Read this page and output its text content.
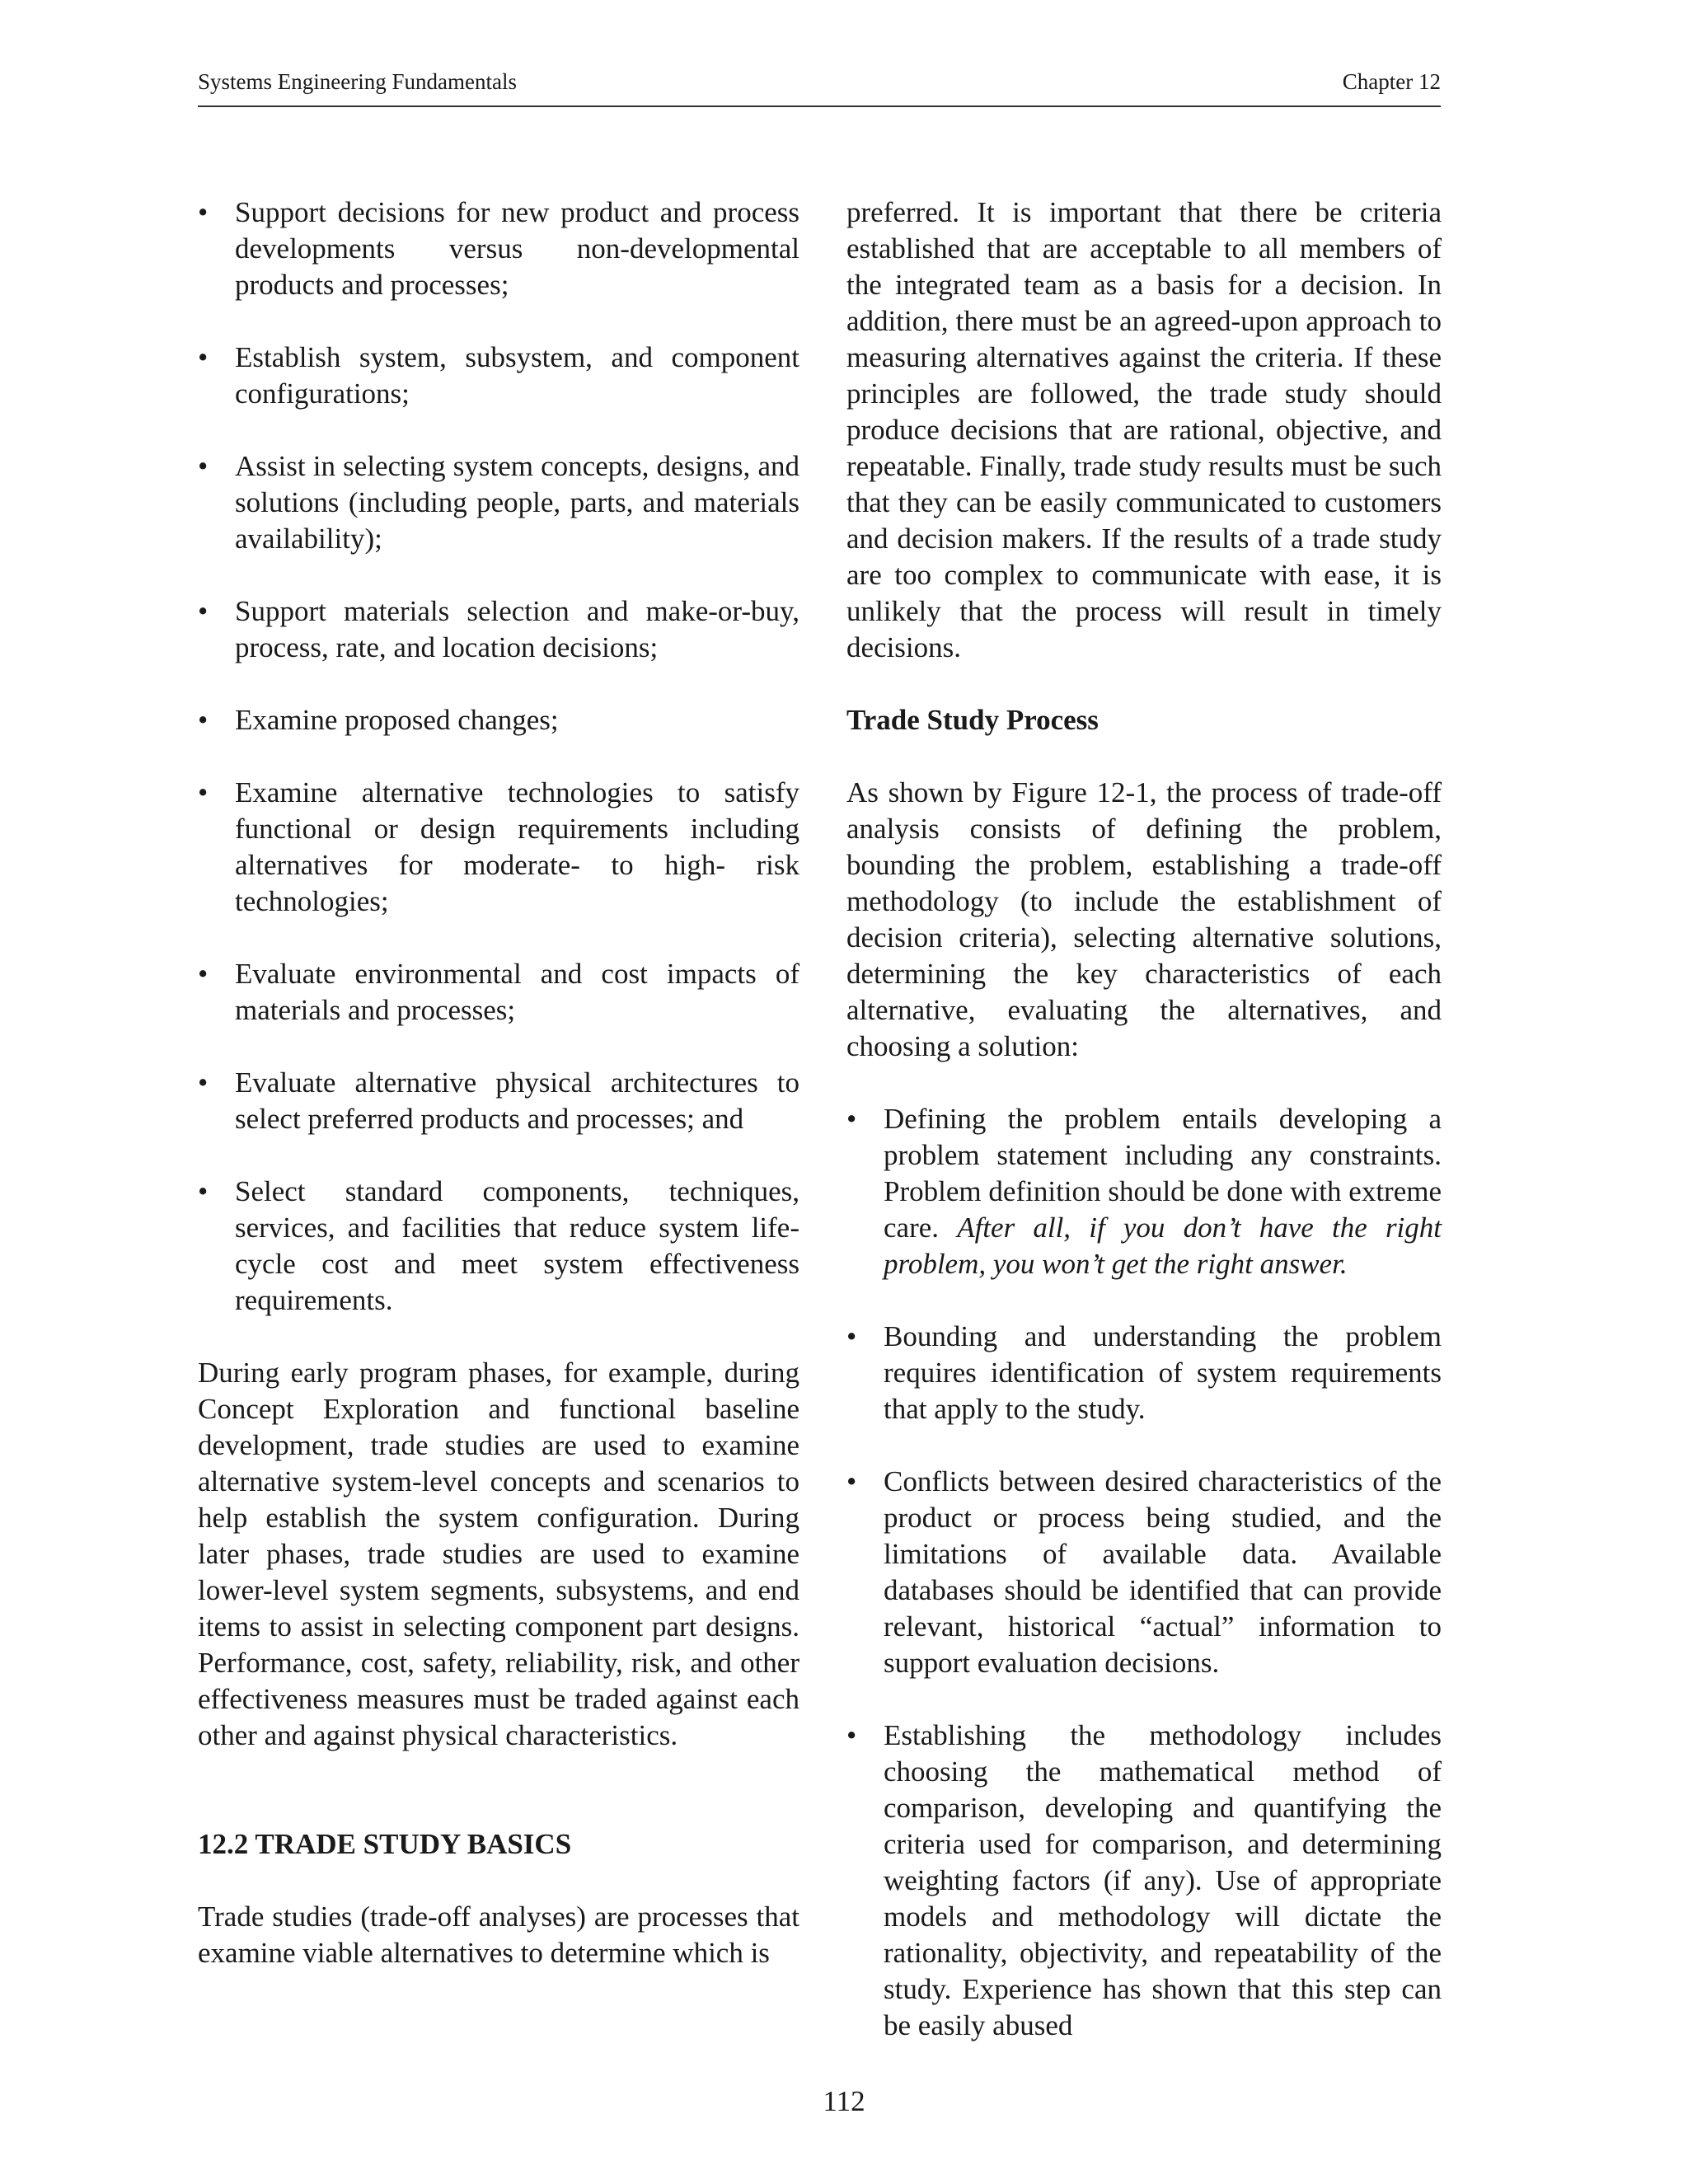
Systems Engineering Fundamentals	Chapter 12
• Support decisions for new product and process developments versus non-developmental products and processes;
• Establish system, subsystem, and component configurations;
• Assist in selecting system concepts, designs, and solutions (including people, parts, and materials availability);
• Support materials selection and make-or-buy, process, rate, and location decisions;
• Examine proposed changes;
• Examine alternative technologies to satisfy functional or design requirements including alternatives for moderate- to high- risk technologies;
• Evaluate environmental and cost impacts of materials and processes;
• Evaluate alternative physical architectures to select preferred products and processes; and
• Select standard components, techniques, services, and facilities that reduce system life-cycle cost and meet system effectiveness requirements.

During early program phases, for example, during Concept Exploration and functional baseline development, trade studies are used to examine alternative system-level concepts and scenarios to help establish the system configuration. During later phases, trade studies are used to examine lower-level system segments, subsystems, and end items to assist in selecting component part designs. Performance, cost, safety, reliability, risk, and other effectiveness measures must be traded against each other and against physical characteristics.

12.2 TRADE STUDY BASICS

Trade studies (trade-off analyses) are processes that examine viable alternatives to determine which is

preferred. It is important that there be criteria established that are acceptable to all members of the integrated team as a basis for a decision. In addition, there must be an agreed-upon approach to measuring alternatives against the criteria. If these principles are followed, the trade study should produce decisions that are rational, objective, and repeatable. Finally, trade study results must be such that they can be easily communicated to customers and decision makers. If the results of a trade study are too complex to communicate with ease, it is unlikely that the process will result in timely decisions.

Trade Study Process

As shown by Figure 12-1, the process of trade-off analysis consists of defining the problem, bounding the problem, establishing a trade-off methodology (to include the establishment of decision criteria), selecting alternative solutions, determining the key characteristics of each alternative, evaluating the alternatives, and choosing a solution:

• Defining the problem entails developing a problem statement including any constraints. Problem definition should be done with extreme care. After all, if you don’t have the right problem, you won’t get the right answer.
• Bounding and understanding the problem requires identification of system requirements that apply to the study.
• Conflicts between desired characteristics of the product or process being studied, and the limitations of available data. Available databases should be identified that can provide relevant, historical “actual” information to support evaluation decisions.
• Establishing the methodology includes choosing the mathematical method of comparison, developing and quantifying the criteria used for comparison, and determining weighting factors (if any). Use of appropriate models and methodology will dictate the rationality, objectivity, and repeatability of the study. Experience has shown that this step can be easily abused
112
